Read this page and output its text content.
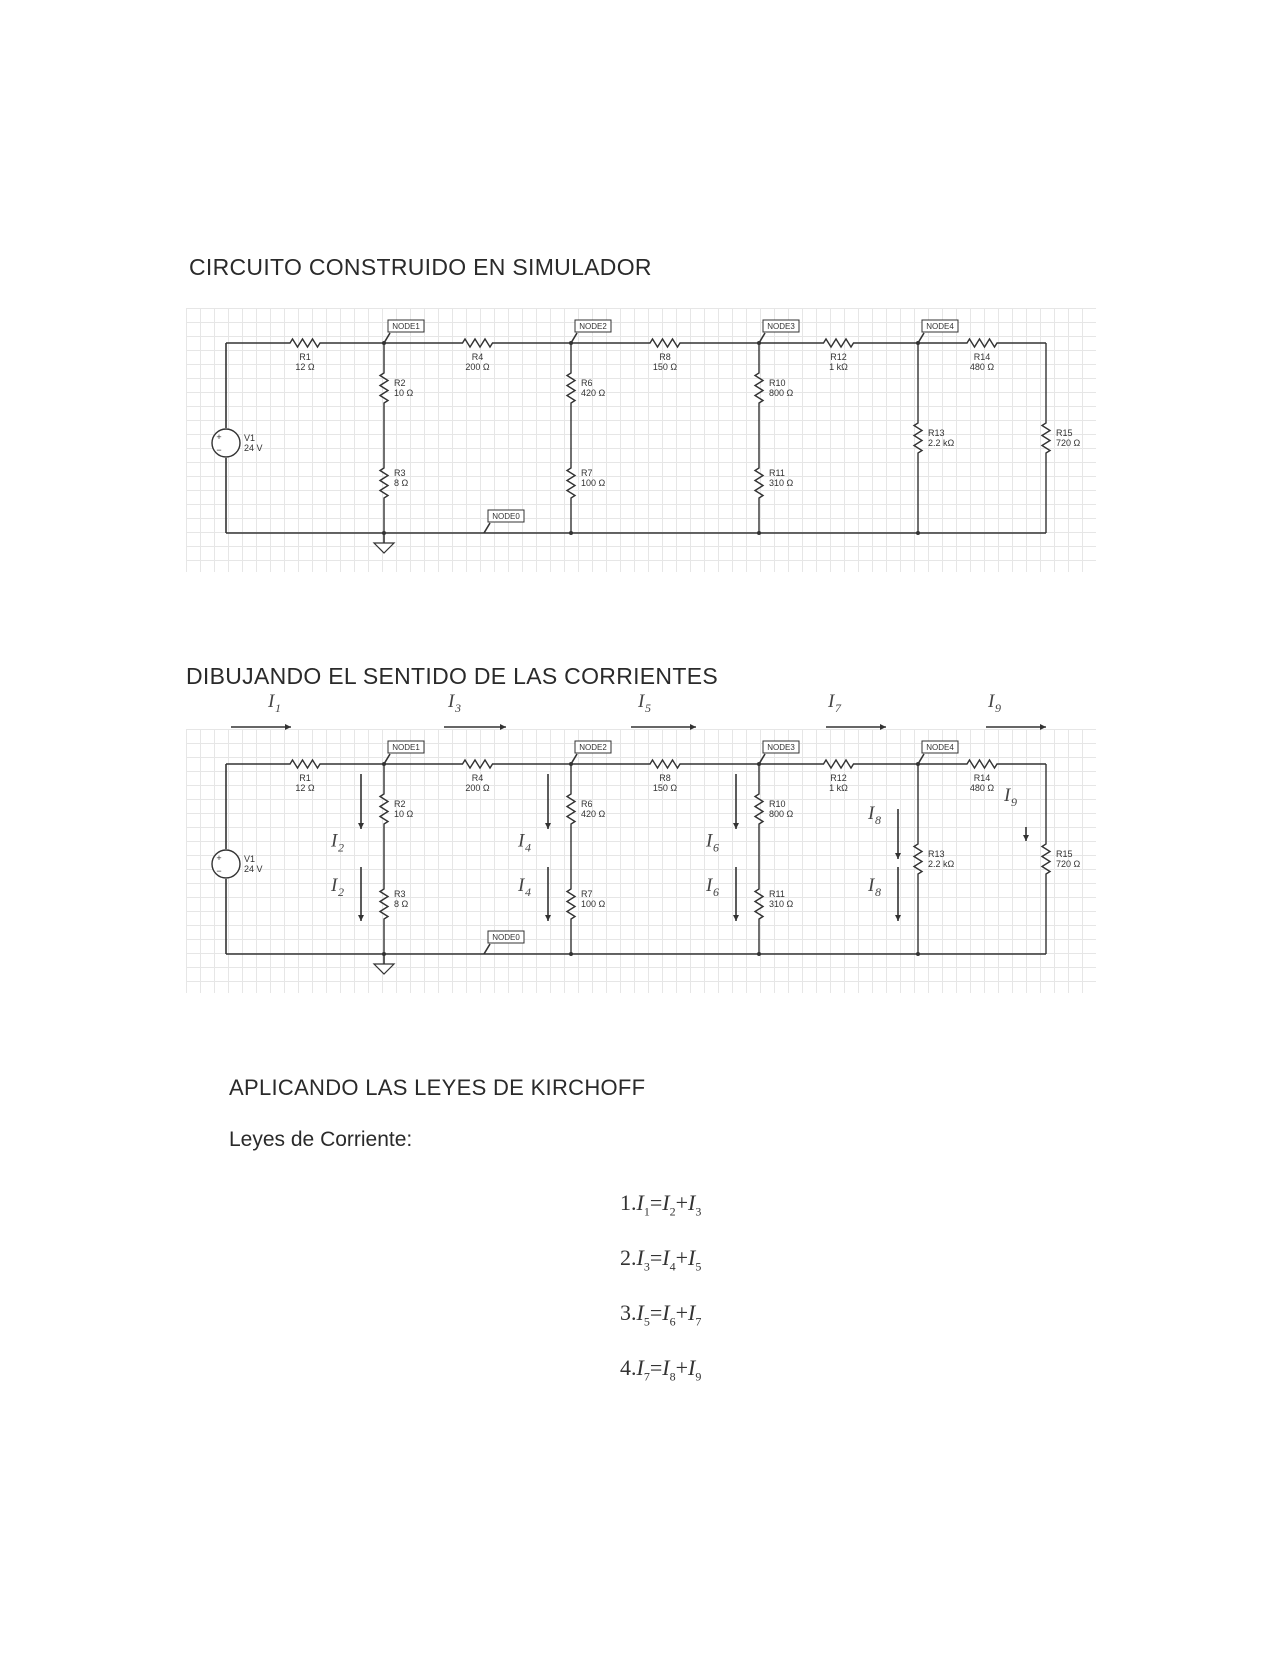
CIRCUITO CONSTRUIDO EN SIMULADOR
+
−
V1
24 V
R1
12 Ω
R4
200 Ω
R8
150 Ω
R12
1 kΩ
R14
480 Ω
R2
10 Ω
R3
8 Ω
R6
420 Ω
R7
100 Ω
R10
800 Ω
R11
310 Ω
R13
2.2 kΩ
R15
720 Ω
NODE1	NODE2	NODE3	NODE4
NODE0
DIBUJANDO EL SENTIDO DE LAS CORRIENTES
+
−
V1
24 V
R1
12 Ω
R4
200 Ω
R8
150 Ω
R12
1 kΩ
R14
480 Ω
R2
10 Ω
R3
8 Ω
R6
420 Ω
R7
100 Ω
R10
800 Ω
R11
310 Ω
R13
2.2 kΩ
R15
720 Ω
NODE1	NODE2	NODE3	NODE4
NODE0
I 1	I 3	I 5	I 7	I 9
I 2
I 2
I 4
I 4
I 6
I 6
I 8
I 8
I 9
APLICANDO LAS LEYES DE KIRCHOFF
Leyes de Corriente:
$1.I_1=I_2+I_3$
$2.I_3=I_4+I_5$
$3.I_5=I_6+I_7$
$4.I_7=I_8+I_9$
